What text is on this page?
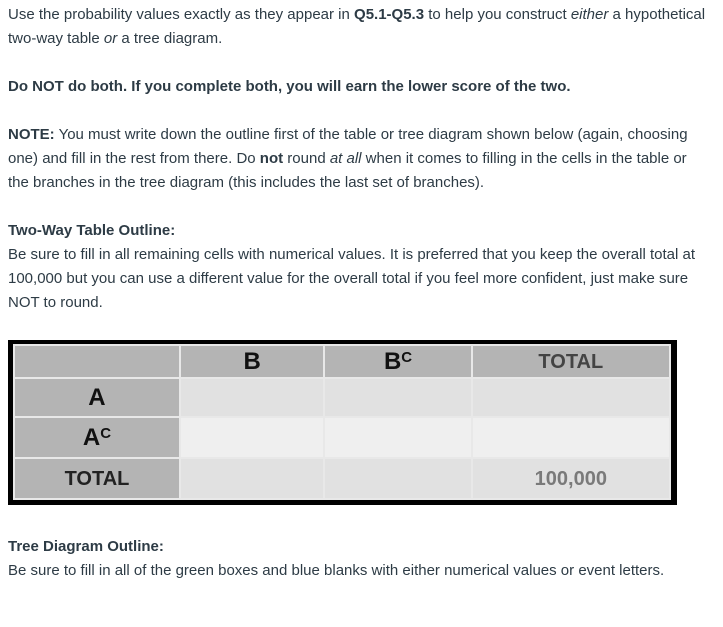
Use the probability values exactly as they appear in Q5.1-Q5.3 to help you construct either a hypothetical two-way table or a tree diagram.

Do NOT do both. If you complete both, you will earn the lower score of the two.

NOTE: You must write down the outline first of the table or tree diagram shown below (again, choosing one) and fill in the rest from there. Do not round at all when it comes to filling in the cells in the table or the branches in the tree diagram (this includes the last set of branches).

Two-Way Table Outline:

Be sure to fill in all remaining cells with numerical values. It is preferred that you keep the overall total at 100,000 but you can use a different value for the overall total if you feel more confident, just make sure NOT to round.

	B	$B^C$	TOTAL
A			
$A^C$			
TOTAL			100,000

Tree Diagram Outline:

Be sure to fill in all of the green boxes and blue blanks with either numerical values or event letters.
